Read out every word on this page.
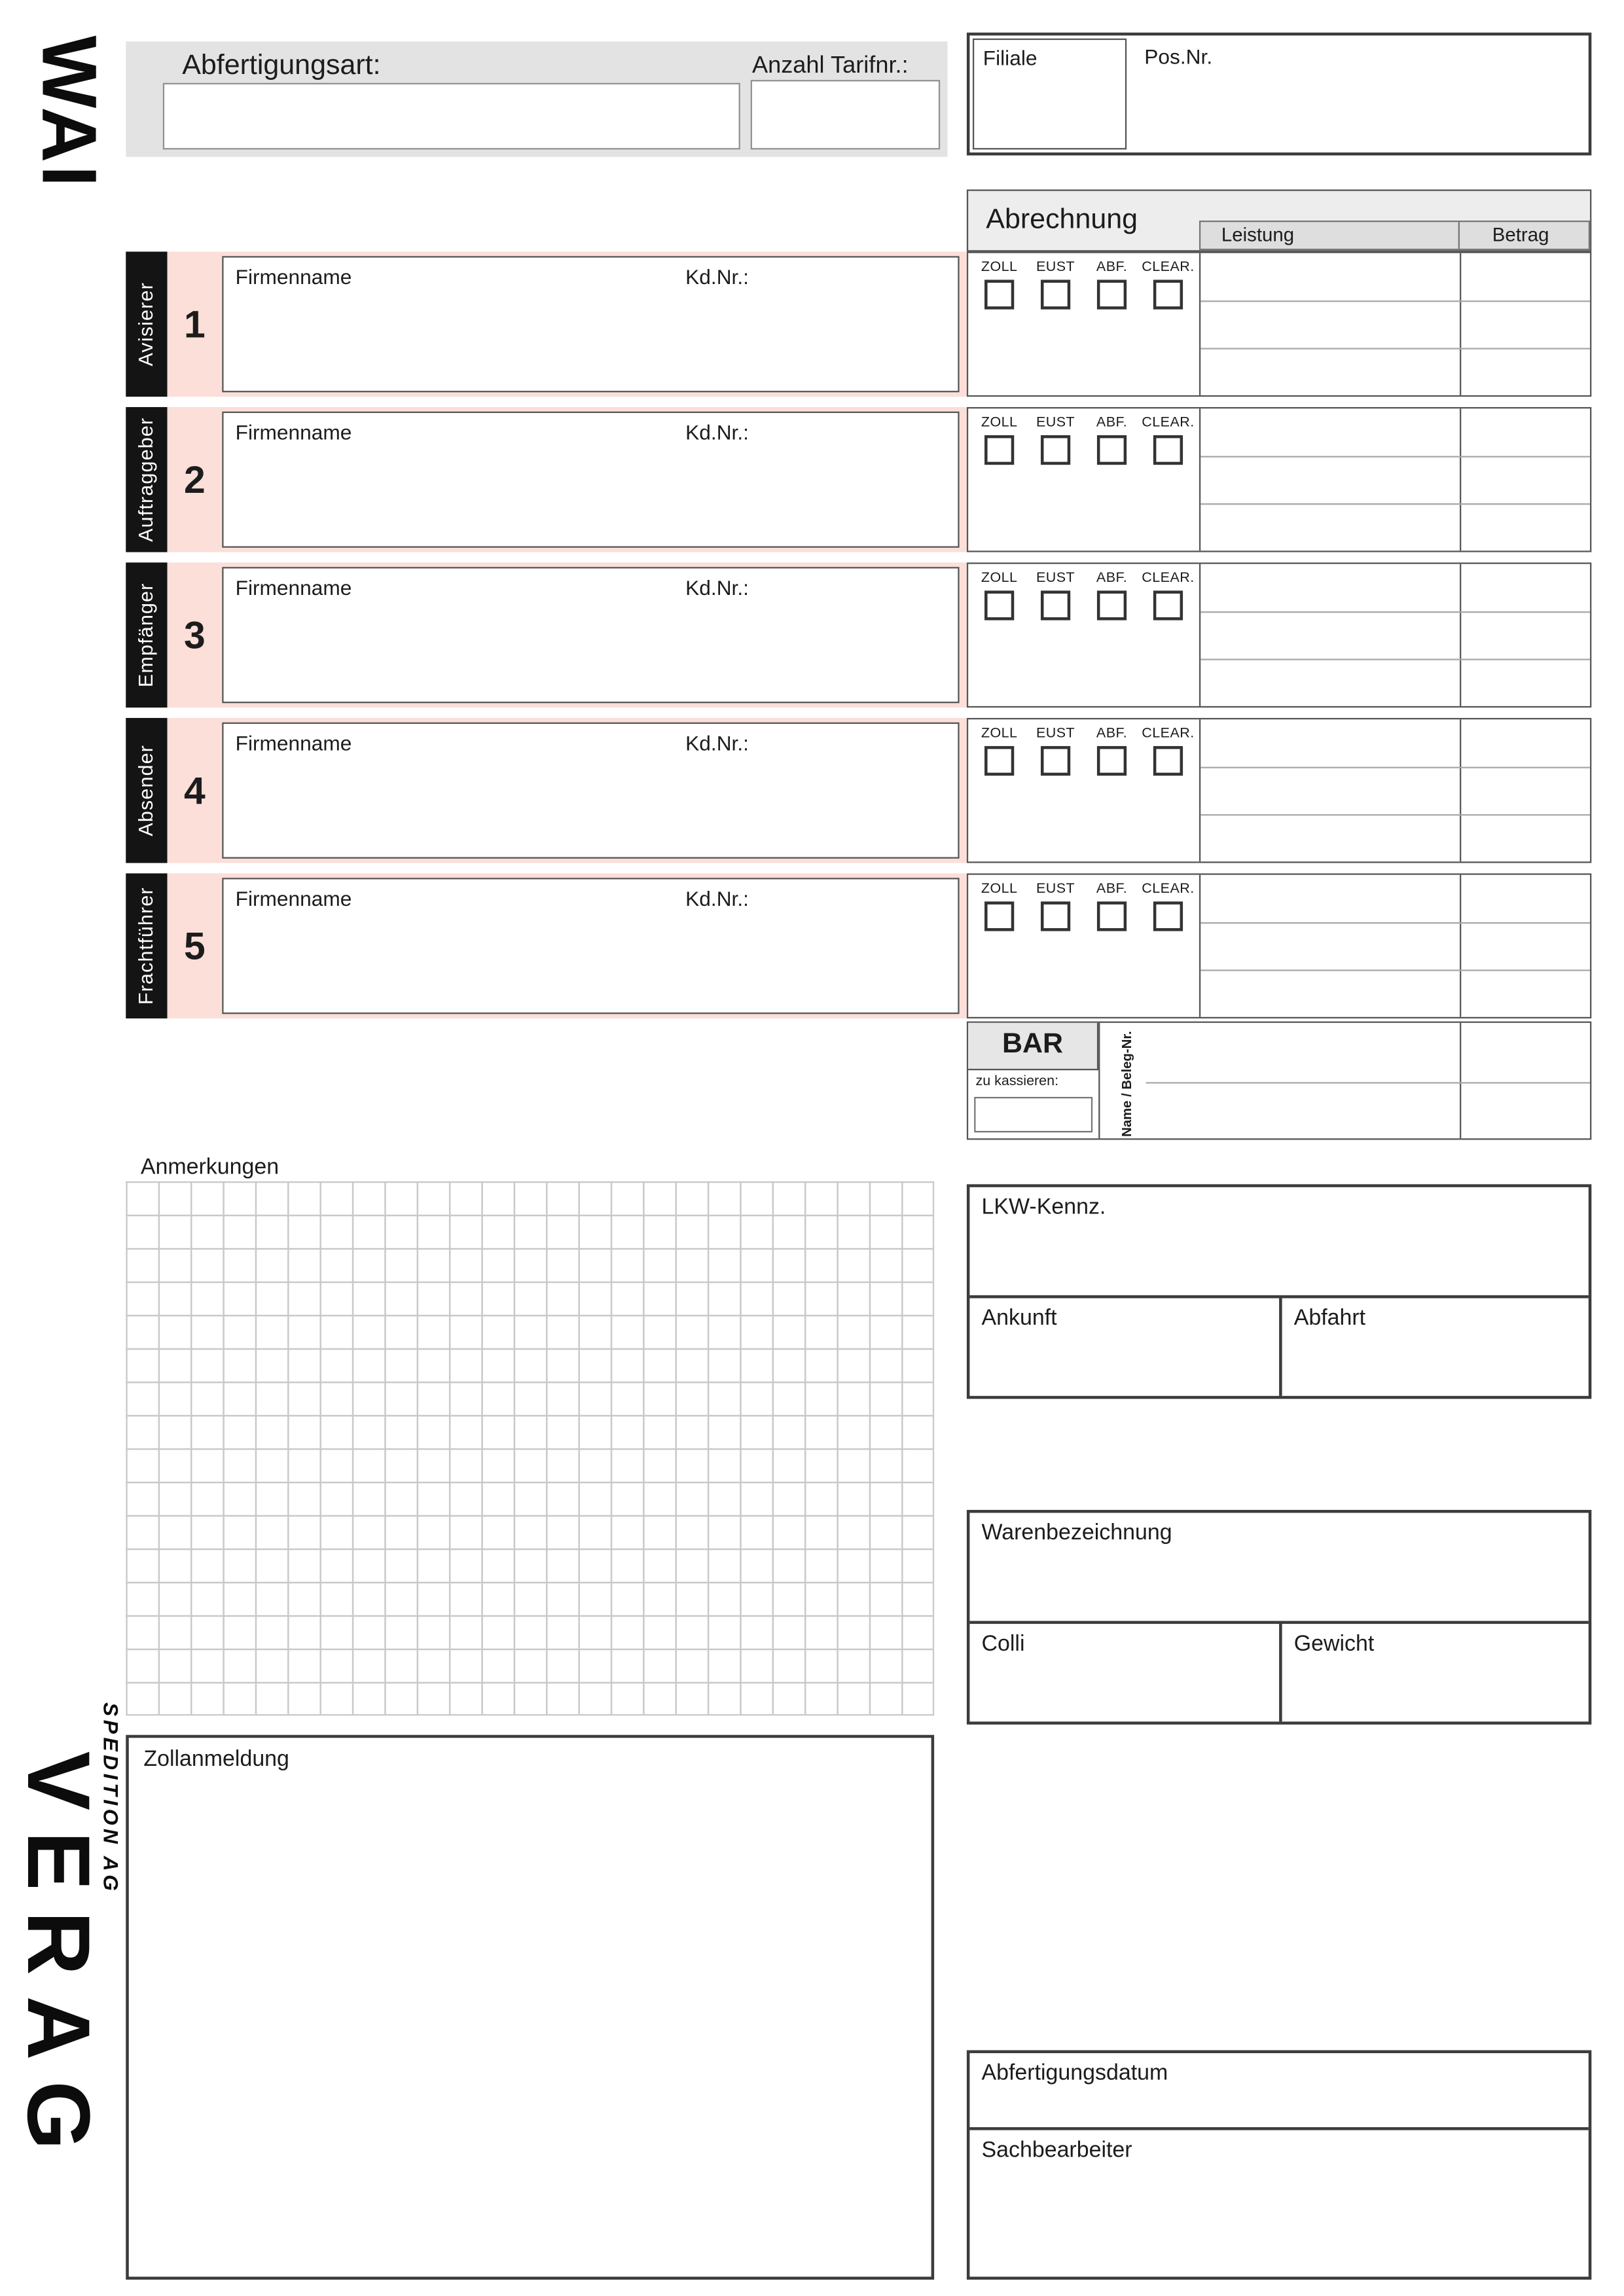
WAI	Abfertigungsart:	Anzahl Tarifnr.:	Filiale	Pos.Nr.
Abrechnung	Leistung	Betrag
Avisierer	1
Firmenname	Kd.Nr.:	ZOLL	EUST	ABF. CLEAR.
Auftraggeber	2
Firmenname	Kd.Nr.:	ZOLL	EUST	ABF. CLEAR.
Empfänger	3
Firmenname	Kd.Nr.:	ZOLL	EUST	ABF. CLEAR.
Absender	4
Firmenname	Kd.Nr.:	ZOLL	EUST	ABF. CLEAR.
Frachtführer	5
Firmenname	Kd.Nr.:	ZOLL	EUST	ABF. CLEAR.
BAR
zu kassieren:	Name / Beleg-Nr.
Anmerkungen
LKW-Kennz.
Ankunft	Abfahrt
Warenbezeichnung
Colli	Gewicht
Zollanmeldung
Abfertigungsdatum
Sachbearbeiter
SPEDITION AG
VERAG
